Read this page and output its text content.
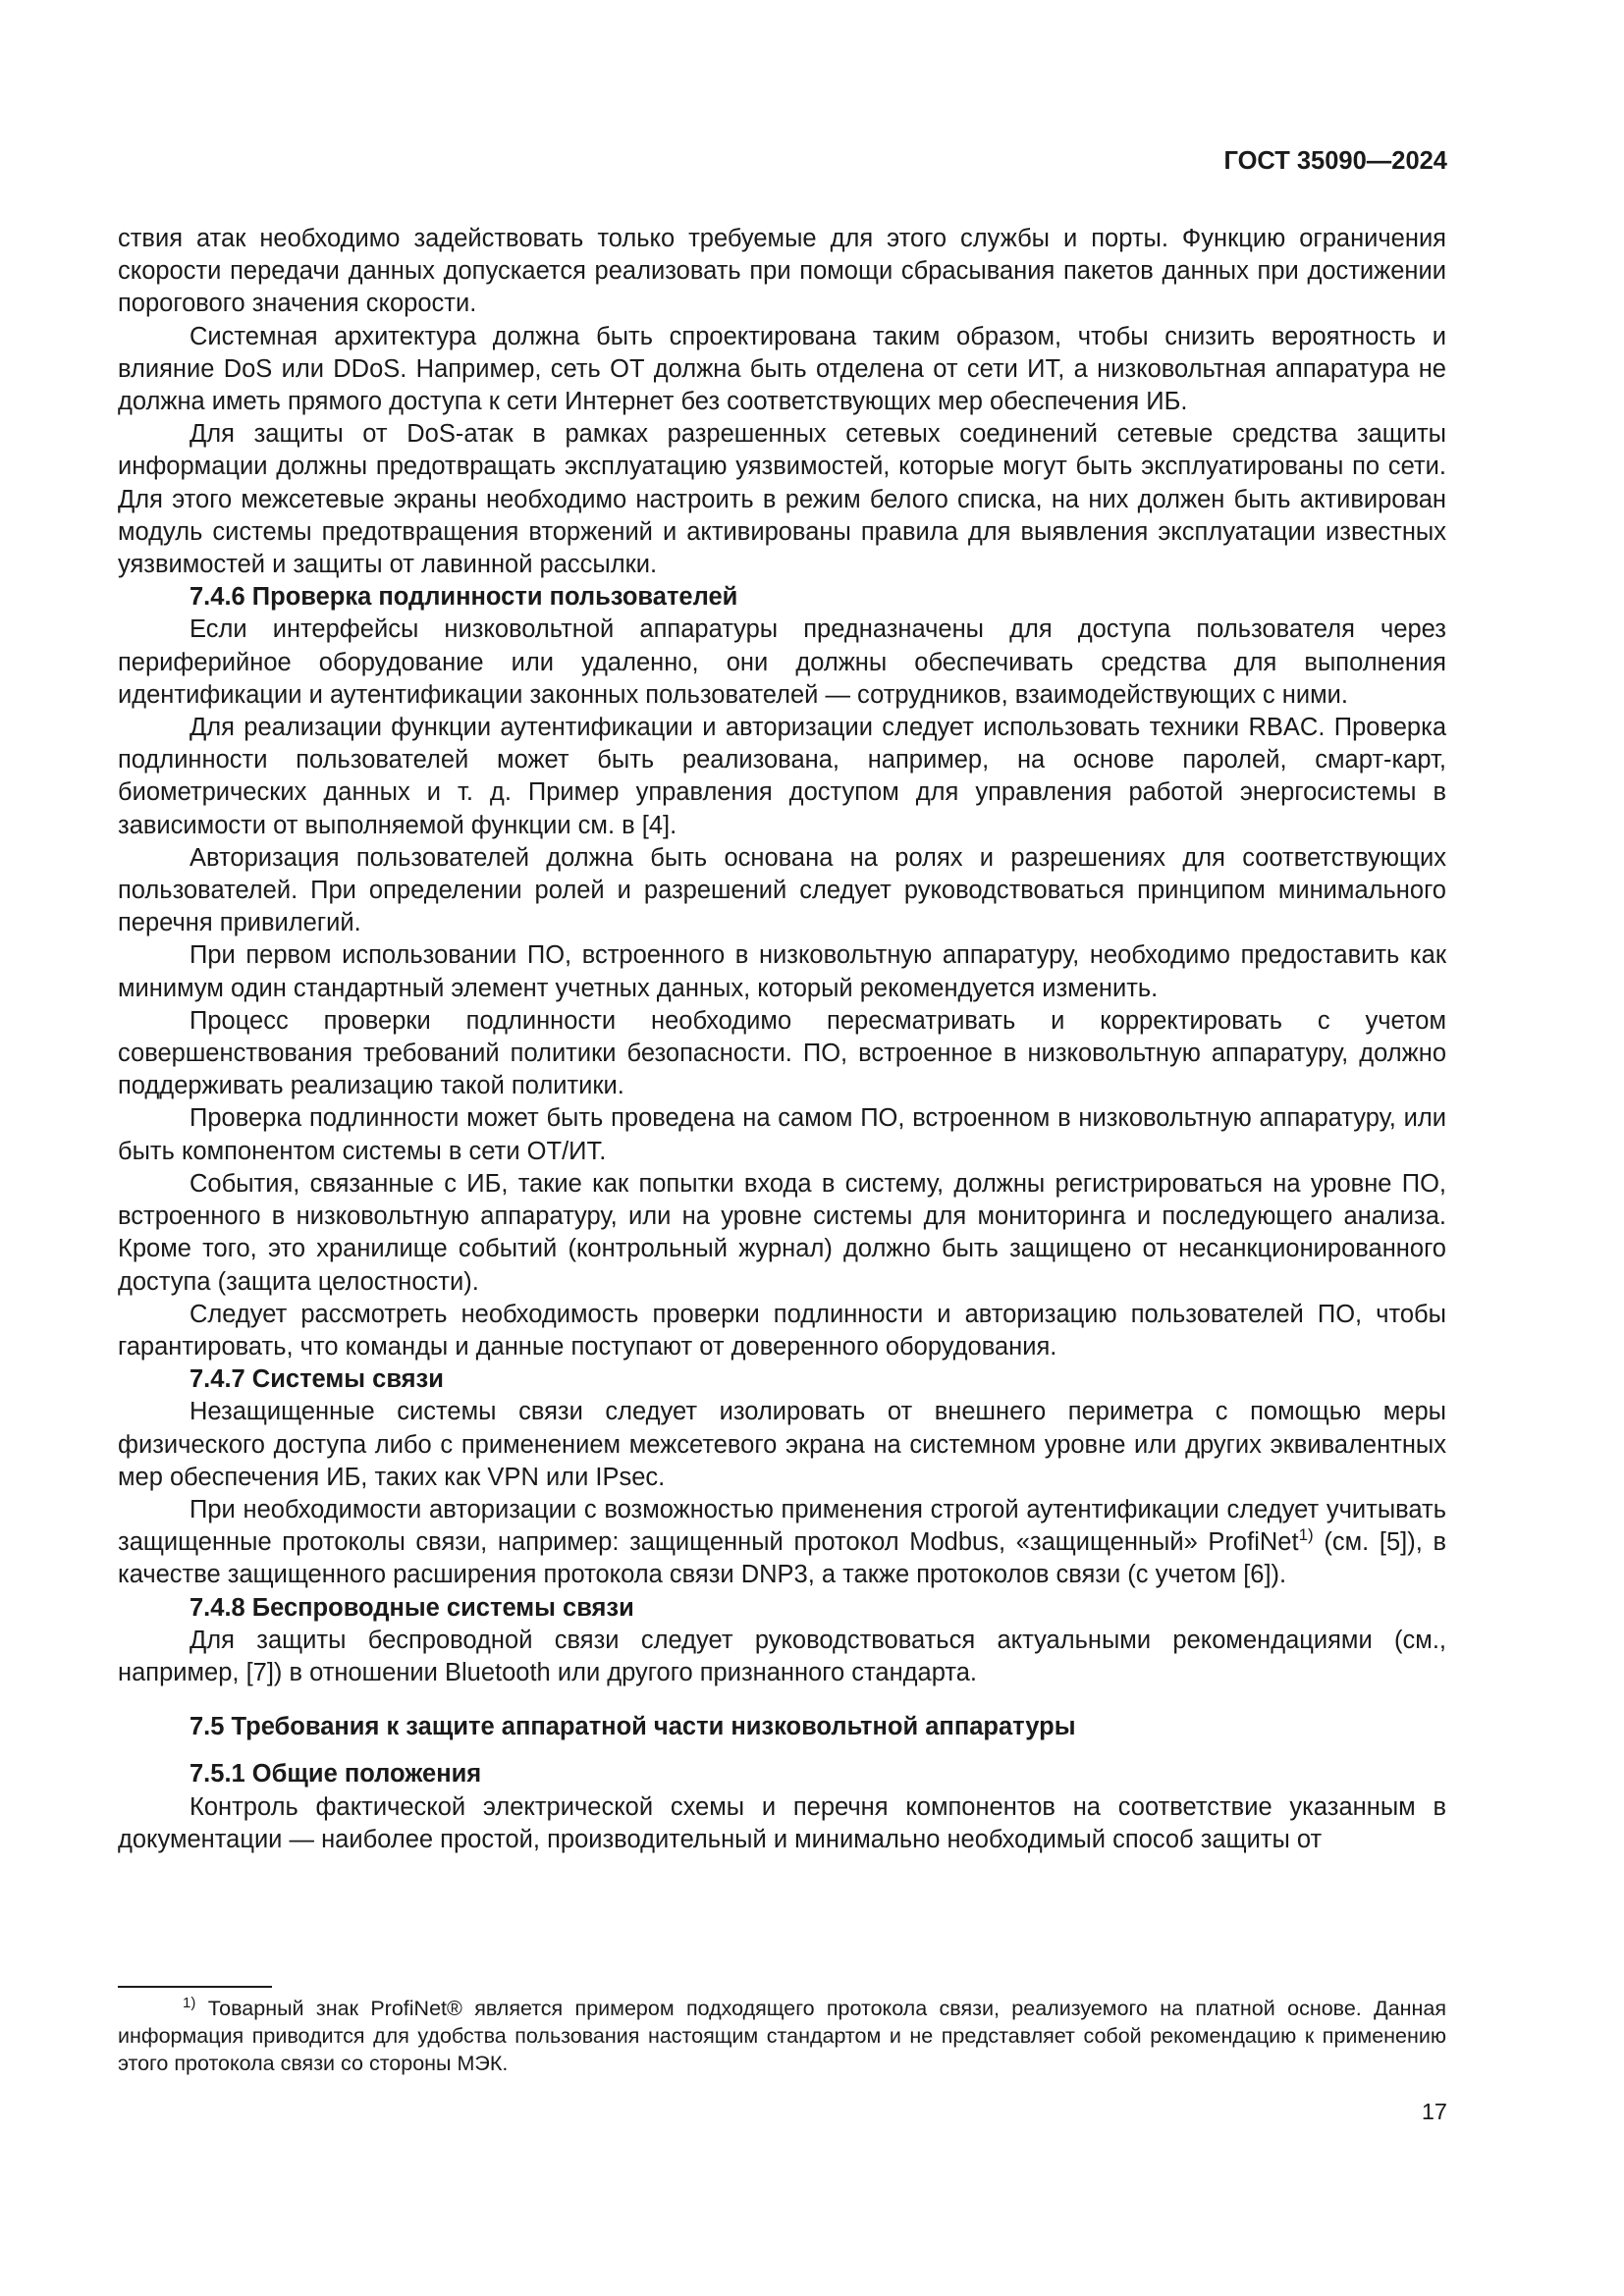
ГОСТ 35090—2024

ствия атак необходимо задействовать только требуемые для этого службы и порты. Функцию ограничения скорости передачи данных допускается реализовать при помощи сбрасывания пакетов данных при достижении порогового значения скорости.

Системная архитектура должна быть спроектирована таким образом, чтобы снизить вероятность и влияние DoS или DDoS. Например, сеть ОТ должна быть отделена от сети ИТ, а низковольтная аппаратура не должна иметь прямого доступа к сети Интернет без соответствующих мер обеспечения ИБ.

Для защиты от DoS-атак в рамках разрешенных сетевых соединений сетевые средства защиты информации должны предотвращать эксплуатацию уязвимостей, которые могут быть эксплуатированы по сети. Для этого межсетевые экраны необходимо настроить в режим белого списка, на них должен быть активирован модуль системы предотвращения вторжений и активированы правила для выявления эксплуатации известных уязвимостей и защиты от лавинной рассылки.

7.4.6 Проверка подлинности пользователей

Если интерфейсы низковольтной аппаратуры предназначены для доступа пользователя через периферийное оборудование или удаленно, они должны обеспечивать средства для выполнения идентификации и аутентификации законных пользователей — сотрудников, взаимодействующих с ними.

Для реализации функции аутентификации и авторизации следует использовать техники RBAC. Проверка подлинности пользователей может быть реализована, например, на основе паролей, смарт-карт, биометрических данных и т. д. Пример управления доступом для управления работой энергосистемы в зависимости от выполняемой функции см. в [4].

Авторизация пользователей должна быть основана на ролях и разрешениях для соответствующих пользователей. При определении ролей и разрешений следует руководствоваться принципом минимального перечня привилегий.

При первом использовании ПО, встроенного в низковольтную аппаратуру, необходимо предоставить как минимум один стандартный элемент учетных данных, который рекомендуется изменить.

Процесс проверки подлинности необходимо пересматривать и корректировать с учетом совершенствования требований политики безопасности. ПО, встроенное в низковольтную аппаратуру, должно поддерживать реализацию такой политики.

Проверка подлинности может быть проведена на самом ПО, встроенном в низковольтную аппаратуру, или быть компонентом системы в сети ОТ/ИТ.

События, связанные с ИБ, такие как попытки входа в систему, должны регистрироваться на уровне ПО, встроенного в низковольтную аппаратуру, или на уровне системы для мониторинга и последующего анализа. Кроме того, это хранилище событий (контрольный журнал) должно быть защищено от несанкционированного доступа (защита целостности).

Следует рассмотреть необходимость проверки подлинности и авторизацию пользователей ПО, чтобы гарантировать, что команды и данные поступают от доверенного оборудования.

7.4.7 Системы связи

Незащищенные системы связи следует изолировать от внешнего периметра с помощью меры физического доступа либо с применением межсетевого экрана на системном уровне или других эквивалентных мер обеспечения ИБ, таких как VPN или IPsec.

При необходимости авторизации с возможностью применения строгой аутентификации следует учитывать защищенные протоколы связи, например: защищенный протокол Modbus, «защищенный» ProfiNet$^{1)}$ (см. [5]), в качестве защищенного расширения протокола связи DNP3, а также протоколов связи (с учетом [6]).

7.4.8 Беспроводные системы связи

Для защиты беспроводной связи следует руководствоваться актуальными рекомендациями (см., например, [7]) в отношении Bluetooth или другого признанного стандарта.

7.5 Требования к защите аппаратной части низковольтной аппаратуры
7.5.1 Общие положения

Контроль фактической электрической схемы и перечня компонентов на соответствие указанным в документации — наиболее простой, производительный и минимально необходимый способ защиты от

$^{1)}$ Товарный знак ProfiNet® является примером подходящего протокола связи, реализуемого на платной основе. Данная информация приводится для удобства пользования настоящим стандартом и не представляет собой рекомендацию к применению этого протокола связи со стороны МЭК.

17
